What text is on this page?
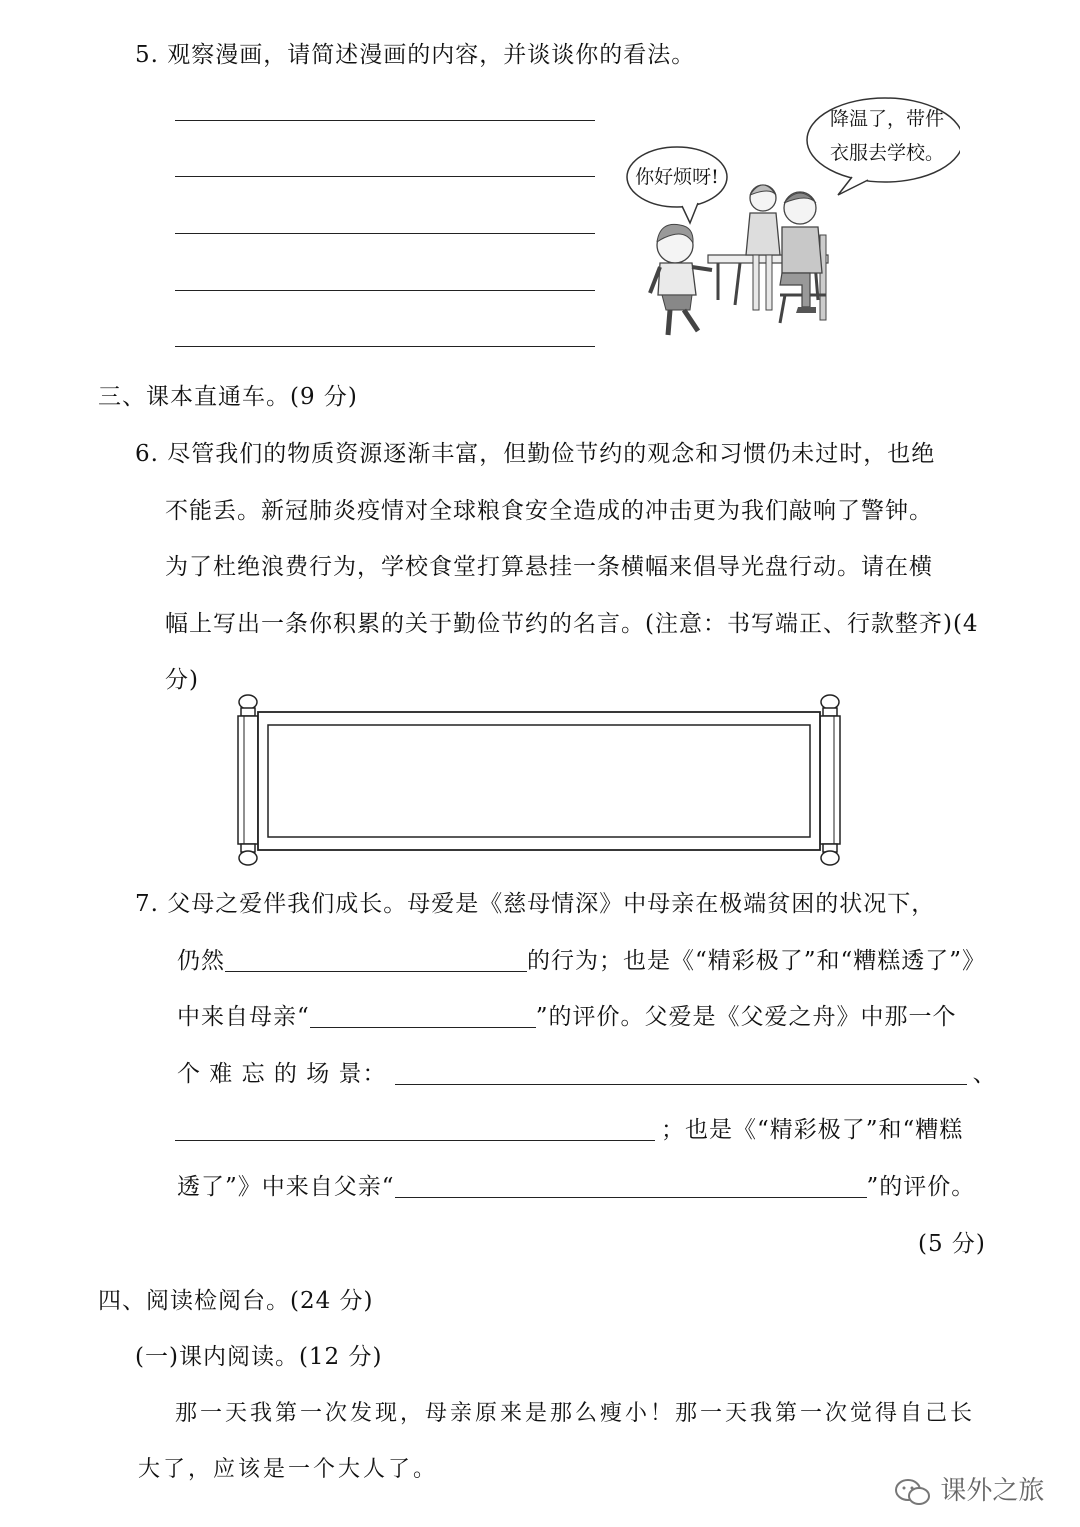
5. 观察漫画，请简述漫画的内容，并谈谈你的看法。
降温了，带件
衣服去学校。
你好烦呀!
三、课本直通车。(9 分)
6. 尽管我们的物质资源逐渐丰富，但勤俭节约的观念和习惯仍未过时，也绝
不能丢。新冠肺炎疫情对全球粮食安全造成的冲击更为我们敲响了警钟。
为了杜绝浪费行为，学校食堂打算悬挂一条横幅来倡导光盘行动。请在横
幅上写出一条你积累的关于勤俭节约的名言。(注意：书写端正、行款整齐)(4
分)
7. 父母之爱伴我们成长。母爱是《慈母情深》中母亲在极端贫困的状况下，
仍然	的行为；也是《“精彩极了”和“糟糕透了”》
中来自母亲“	”的评价。父爱是《父爱之舟》中那一个
个 难 忘 的 场 景：	、
；也是《“精彩极了”和“糟糕
透了”》中来自父亲“	”的评价。
(5 分)
四、阅读检阅台。(24 分)
(一)课内阅读。(12 分)
那一天我第一次发现，母亲原来是那么瘦小！那一天我第一次觉得自己长
大了，应该是一个大人了。
课外之旅
